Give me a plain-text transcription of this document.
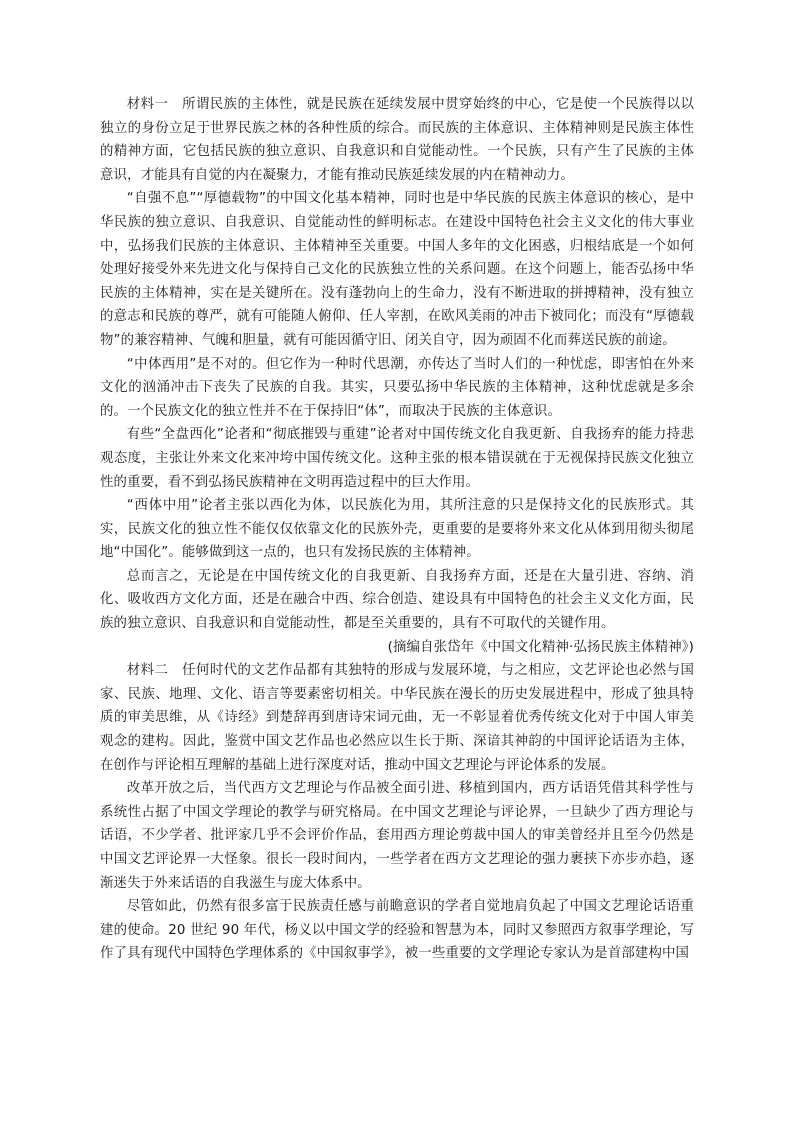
材料一　所谓民族的主体性，就是民族在延续发展中贯穿始终的中心，它是使一个民族得以以独立的身份立足于世界民族之林的各种性质的综合。而民族的主体意识、主体精神则是民族主体性的精神方面，它包括民族的独立意识、自我意识和自觉能动性。一个民族，只有产生了民族的主体意识，才能具有自觉的内在凝聚力，才能有推动民族延续发展的内在精神动力。

“自强不息”“厚德载物”的中国文化基本精神，同时也是中华民族的民族主体意识的核心，是中华民族的独立意识、自我意识、自觉能动性的鲜明标志。在建设中国特色社会主义文化的伟大事业中，弘扬我们民族的主体意识、主体精神至关重要。中国人多年的文化困惑，归根结底是一个如何处理好接受外来先进文化与保持自己文化的民族独立性的关系问题。在这个问题上，能否弘扬中华民族的主体精神，实在是关键所在。没有蓬勃向上的生命力，没有不断进取的拼搏精神，没有独立的意志和民族的尊严，就有可能随人俯仰、任人宰割，在欧风美雨的冲击下被同化；而没有“厚德载物”的兼容精神、气魄和胆量，就有可能因循守旧、闭关自守，因为顽固不化而葬送民族的前途。

“中体西用”是不对的。但它作为一种时代思潮，亦传达了当时人们的一种忧虑，即害怕在外来文化的汹涌冲击下丧失了民族的自我。其实，只要弘扬中华民族的主体精神，这种忧虑就是多余的。一个民族文化的独立性并不在于保持旧“体”，而取决于民族的主体意识。

有些“全盘西化”论者和“彻底摧毁与重建”论者对中国传统文化自我更新、自我扬弃的能力持悲观态度，主张让外来文化来冲垮中国传统文化。这种主张的根本错误就在于无视保持民族文化独立性的重要，看不到弘扬民族精神在文明再造过程中的巨大作用。

“西体中用”论者主张以西化为体，以民族化为用，其所注意的只是保持文化的民族形式。其实，民族文化的独立性不能仅仅依靠文化的民族外壳，更重要的是要将外来文化从体到用彻头彻尾地“中国化”。能够做到这一点的，也只有发扬民族的主体精神。

总而言之，无论是在中国传统文化的自我更新、自我扬弃方面，还是在大量引进、容纳、消化、吸收西方文化方面，还是在融合中西、综合创造、建设具有中国特色的社会主义文化方面，民族的独立意识、自我意识和自觉能动性，都是至关重要的，具有不可取代的关键作用。

(摘编自张岱年《中国文化精神·弘扬民族主体精神》)

材料二　任何时代的文艺作品都有其独特的形成与发展环境，与之相应，文艺评论也必然与国家、民族、地理、文化、语言等要素密切相关。中华民族在漫长的历史发展进程中，形成了独具特质的审美思维，从《诗经》到楚辞再到唐诗宋词元曲，无一不彰显着优秀传统文化对于中国人审美观念的建构。因此，鉴赏中国文艺作品也必然应以生长于斯、深谙其神韵的中国评论话语为主体，在创作与评论相互理解的基础上进行深度对话，推动中国文艺理论与评论体系的发展。

改革开放之后，当代西方文艺理论与作品被全面引进、移植到国内，西方话语凭借其科学性与系统性占据了中国文学理论的教学与研究格局。在中国文艺理论与评论界，一旦缺少了西方理论与话语，不少学者、批评家几乎不会评价作品，套用西方理论剪裁中国人的审美曾经并且至今仍然是中国文艺评论界一大怪象。很长一段时间内，一些学者在西方文艺理论的强力裹挟下亦步亦趋，逐渐迷失于外来话语的自我滋生与庞大体系中。

尽管如此，仍然有很多富于民族责任感与前瞻意识的学者自觉地肩负起了中国文艺理论话语重建的使命。20 世纪 90 年代，杨义以中国文学的经验和智慧为本，同时又参照西方叙事学理论，写作了具有现代中国特色学理体系的《中国叙事学》，被一些重要的文学理论专家认为是首部建构中国
